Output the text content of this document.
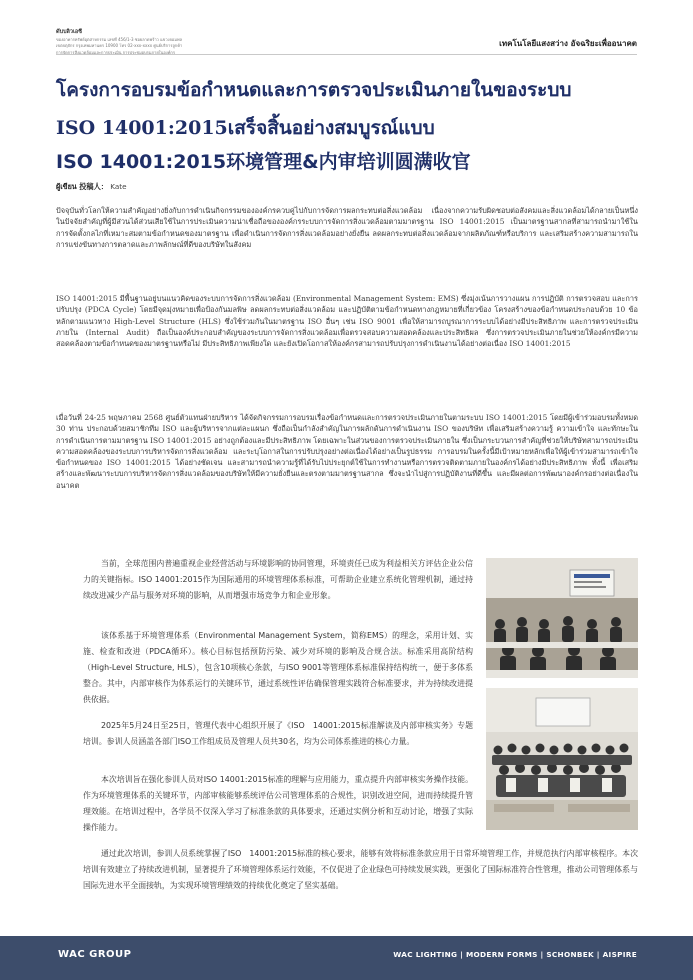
ดับบลิวเอซี
ของอาคารทรัพย์อุตสาหกรรม เลขที่ 456/1-3 ซอยลาดพร้าว แขวงจอมพล
เขตจตุจักร กรุงเทพมหานคร 10900 โทร 02-xxx-xxxx ศูนย์บริการลูกค้า
การจัดการสิ่งแวดล้อมและการประเมิน การประชุมอบรมภายในองค์กร
เทคโนโลยีแสงสว่าง อัจฉริยะเพื่ออนาคต
โครงการอบรมข้อกำหนดและการตรวจประเมินภายในของระบบ
ISO 14001:2015เสร็จสิ้นอย่างสมบูรณ์แบบ
ISO 14001:2015环境管理&内审培训圆满收官
ผู้เขียน 投稿人： Kate

ปัจจุบันทั่วโลกให้ความสำคัญอย่างยิ่งกับการดำเนินกิจกรรมขององค์กรควบคู่ไปกับการจัดการผลกระทบต่อสิ่งแวดล้อม เนื่องจากความรับผิดชอบต่อสังคมและสิ่งแวดล้อมได้กลายเป็นหนึ่งในปัจจัยสำคัญที่ผู้มีส่วนได้ส่วนเสียใช้ในการประเมินความน่าเชื่อถือขององค์กรระบบการจัดการสิ่งแวดล้อมตามมาตรฐาน ISO 14001:2015 เป็นมาตรฐานสากลที่สามารถนำมาใช้ในการจัดตั้งกลไกที่เหมาะสมตามข้อกำหนดของมาตรฐาน เพื่อดำเนินการจัดการสิ่งแวดล้อมอย่างยั่งยืน ลดผลกระทบต่อสิ่งแวดล้อมจากผลิตภัณฑ์หรือบริการ และเสริมสร้างความสามารถในการแข่งขันทางการตลาดและภาพลักษณ์ที่ดีของบริษัทในสังคม

ISO 14001:2015 มีพื้นฐานอยู่บนแนวคิดของระบบการจัดการสิ่งแวดล้อม (Environmental Management System: EMS) ซึ่งมุ่งเน้นการวางแผน การปฏิบัติ การตรวจสอบ และการปรับปรุง (PDCA Cycle) โดยมีจุดมุ่งหมายเพื่อป้องกันมลพิษ ลดผลกระทบต่อสิ่งแวดล้อม และปฏิบัติตามข้อกำหนดทางกฎหมายที่เกี่ยวข้อง โครงสร้างของข้อกำหนดประกอบด้วย 10 ข้อหลักตามแนวทาง High-Level Structure (HLS) ซึ่งใช้ร่วมกันในมาตรฐาน ISO อื่นๆ เช่น ISO 9001 เพื่อให้สามารถบูรณาการระบบได้อย่างมีประสิทธิภาพ และการตรวจประเมินภายใน (Internal Audit) ถือเป็นองค์ประกอบสำคัญของระบบการจัดการสิ่งแวดล้อมเพื่อตรวจสอบความสอดคล้องและประสิทธิผล ซึ่งการตรวจประเมินภายในช่วยให้องค์กรมีความสอดคล้องตามข้อกำหนดของมาตรฐานหรือไม่ มีประสิทธิภาพเพียงใด และยังเปิดโอกาสให้องค์กรสามารถปรับปรุงการดำเนินงานได้อย่างต่อเนื่อง ISO 14001:2015

เมื่อวันที่ 24-25 พฤษภาคม 2568 ศูนย์ตัวแทนฝ่ายบริหาร ได้จัดกิจกรรมการอบรมเรื่องข้อกำหนดและการตรวจประเมินภายในตามระบบ ISO 14001:2015 โดยมีผู้เข้าร่วมอบรมทั้งหมด 30 ท่าน ประกอบด้วยสมาชิกทีม ISO และผู้บริหารจากแต่ละแผนก ซึ่งถือเป็นกำลังสำคัญในการผลักดันการดำเนินงาน ISO ของบริษัท เพื่อเสริมสร้างความรู้ ความเข้าใจ และทักษะในการดำเนินการตามมาตรฐาน ISO 14001:2015 อย่างถูกต้องและมีประสิทธิภาพ โดยเฉพาะในส่วนของการตรวจประเมินภายใน ซึ่งเป็นกระบวนการสำคัญที่ช่วยให้บริษัทสามารถประเมินความสอดคล้องของระบบการบริหารจัดการสิ่งแวดล้อม และระบุโอกาสในการปรับปรุงอย่างต่อเนื่องได้อย่างเป็นรูปธรรม การอบรมในครั้งนี้มีเป้าหมายหลักเพื่อให้ผู้เข้าร่วมสามารถเข้าใจข้อกำหนดของ ISO 14001:2015 ได้อย่างชัดเจน และสามารถนำความรู้ที่ได้รับไปประยุกต์ใช้ในการทำงานหรือการตรวจติดตามภายในองค์กรได้อย่างมีประสิทธิภาพ ทั้งนี้ เพื่อเสริมสร้างและพัฒนาระบบการบริหารจัดการสิ่งแวดล้อมของบริษัทให้มีความยั่งยืนและตรงตามมาตรฐานสากล ซึ่งจะนำไปสู่การปฏิบัติงานที่ดีขึ้น และมีผลต่อการพัฒนาองค์กรอย่างต่อเนื่องในอนาคต

当前，全球范围内普遍重视企业经营活动与环境影响的协同管理，环境责任已成为利益相关方评估企业公信力的关键指标。ISO 14001:2015作为国际通用的环境管理体系标准，可帮助企业建立系统化管理机制，通过持续改进减少产品与服务对环境的影响，从而增强市场竞争力和企业形象。

该体系基于环境管理体系（Environmental Management System，简称EMS）的理念，采用计划、实施、检查和改进（PDCA循环）。核心目标包括预防污染、减少对环境的影响及合规合法。标准采用高阶结构（High-Level Structure, HLS），包含10项核心条款，与ISO 9001等管理体系标准保持结构统一，便于多体系整合。其中，内部审核作为体系运行的关键环节，通过系统性评估确保管理实践符合标准要求，并为持续改进提供依据。

2025年5月24日至25日，管理代表中心组织开展了《ISO　14001:2015标准解读及内部审核实务》专题培训。参训人员涵盖各部门ISO工作组成员及管理人员共30名，均为公司体系推进的核心力量。

本次培训旨在强化参训人员对ISO 14001:2015标准的理解与应用能力，重点提升内部审核实务操作技能。作为环境管理体系的关键环节，内部审核能够系统评估公司管理体系的合规性，识别改进空间，进而持续提升管理效能。在培训过程中，各学员不仅深入学习了标准条款的具体要求，还通过实例分析和互动讨论，增强了实际操作能力。

通过此次培训，参训人员系统掌握了ISO　14001:2015标准的核心要求，能够有效将标准条款应用于日常环境管理工作，并规范执行内部审核程序。本次培训有效建立了持续改进机制，显著提升了环境管理体系运行效能，不仅促进了企业绿色可持续发展实践，更强化了国际标准符合性管理，推动公司管理体系与国际先进水平全面接轨，为实现环境管理绩效的持续优化奠定了坚实基础。

WAC GROUP	WAC LIGHTING | MODERN FORMS | SCHONBEK | AISPIRE
